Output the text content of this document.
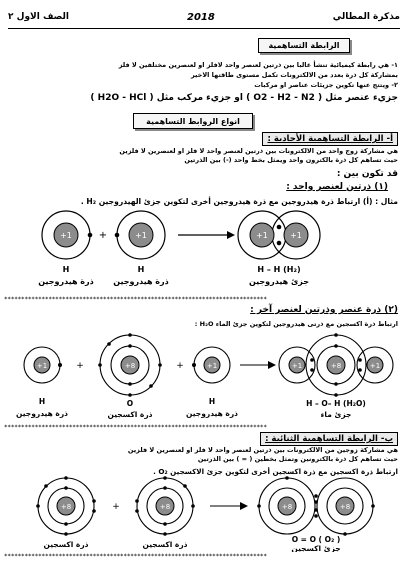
الصف الاول ٢	2018	مذكرة المطالي
الرابطة التساهمية
١- هي رابطة كيميائية تنشأ غالبا بين ذرتين لعنصر واحد لافلز او لعنصرين مختلفين لا فلز
بمشاركة كل ذرة بعدد من الالكترونات تكمل مستوى طاقتها الاخير
٢- ويتتج عنها تكوين جزيئات عناصر او مركبات
جزيء عنصر مثل ( O2 - H2 - N2 ) او جزيء مركب مثل ( H2O - HCl )
انواع الروابط التساهمية
أ- الرابطة التساهمية الأحادية :
هي مشاركة زوج واحد من الالكترونات بين ذرتين لعنصر واحد لا فلز او لعنصرين لا فلزين
حيث تساهم كل ذرة بالكترون واحد ويمثل بخط واحد (-) بين الذرتين
قد تكون بين :
(١) ذرتين لعنصر واحد :
مثال : (أ) ارتباط ذرة هيدروجين مع ذرة هيدروجين أخرى لتكوين جزئ الهيدروجين H₂ .
+1	+	+1	+1	+1
H
ذرة هيدروجين
H
ذرة هيدروجين
H – H (H₂)
جزئ هيدروجين
*****************************************************************************
(٢) ذرة عنصر وذرتين لعنصر آخر :
ارتباط ذرة اكسجين مع ذرتى هيدروجين لتكوين جزئ الماء H₂O :
+1	+	+8	+	+1	+1	+8	+1
H
ذرة هيدروجين
O
ذرة اكسجين
H
ذرة هيدروجين
H – O– H (H₂O)
جزئ ماء
*****************************************************************************
ب- الرابطة التساهمية الثنائية :
هي مشاركة زوجين من الالكترونات بين ذرتين لعنصر واحد لا فلز او لعنصرين لا فلزين
حيث تساهم كل ذرة بالكترونين وتمثل بخطين ( = ) بين الذرتين
ارتباط ذرة اكسجين مع ذرة اكسجين أخرى لتكوين جزئ الاكسجين O₂ .
+8	+	+8	+8	+8
ذرة اكسجين	ذرة اكسجين
O = O ( O₂ )
جزئ اكسجين
*****************************************************************************
